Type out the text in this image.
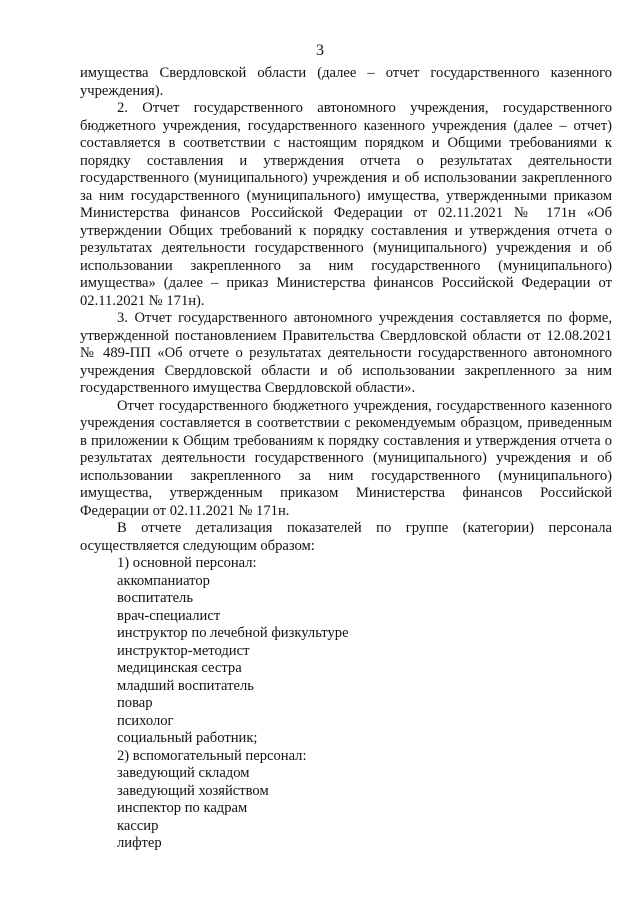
3

имущества Свердловской области (далее – отчет государственного казенного учреждения).

2. Отчет государственного автономного учреждения, государственного бюджетного учреждения, государственного казенного учреждения (далее – отчет) составляется в соответствии с настоящим порядком и Общими требованиями к порядку составления и утверждения отчета о результатах деятельности государственного (муниципального) учреждения и об использовании закрепленного за ним государственного (муниципального) имущества, утвержденными приказом Министерства финансов Российской Федерации от 02.11.2021 № 171н «Об утверждении Общих требований к порядку составления и утверждения отчета о результатах деятельности государственного (муниципального) учреждения и об использовании закрепленного за ним государственного (муниципального) имущества» (далее – приказ Министерства финансов Российской Федерации от 02.11.2021 № 171н).

3. Отчет государственного автономного учреждения составляется по форме, утвержденной постановлением Правительства Свердловской области от 12.08.2021 № 489-ПП «Об отчете о результатах деятельности государственного автономного учреждения Свердловской области и об использовании закрепленного за ним государственного имущества Свердловской области».

Отчет государственного бюджетного учреждения, государственного казенного учреждения составляется в соответствии с рекомендуемым образцом, приведенным в приложении к Общим требованиям к порядку составления и утверждения отчета о результатах деятельности государственного (муниципального) учреждения и об использовании закрепленного за ним государственного (муниципального) имущества, утвержденным приказом Министерства финансов Российской Федерации от 02.11.2021 № 171н.

В отчете детализация показателей по группе (категории) персонала осуществляется следующим образом:

1) основной персонал:
аккомпаниатор
воспитатель
врач-специалист
инструктор по лечебной физкультуре
инструктор-методист
медицинская сестра
младший воспитатель
повар
психолог
социальный работник;
2) вспомогательный персонал:
заведующий складом
заведующий хозяйством
инспектор по кадрам
кассир
лифтер
